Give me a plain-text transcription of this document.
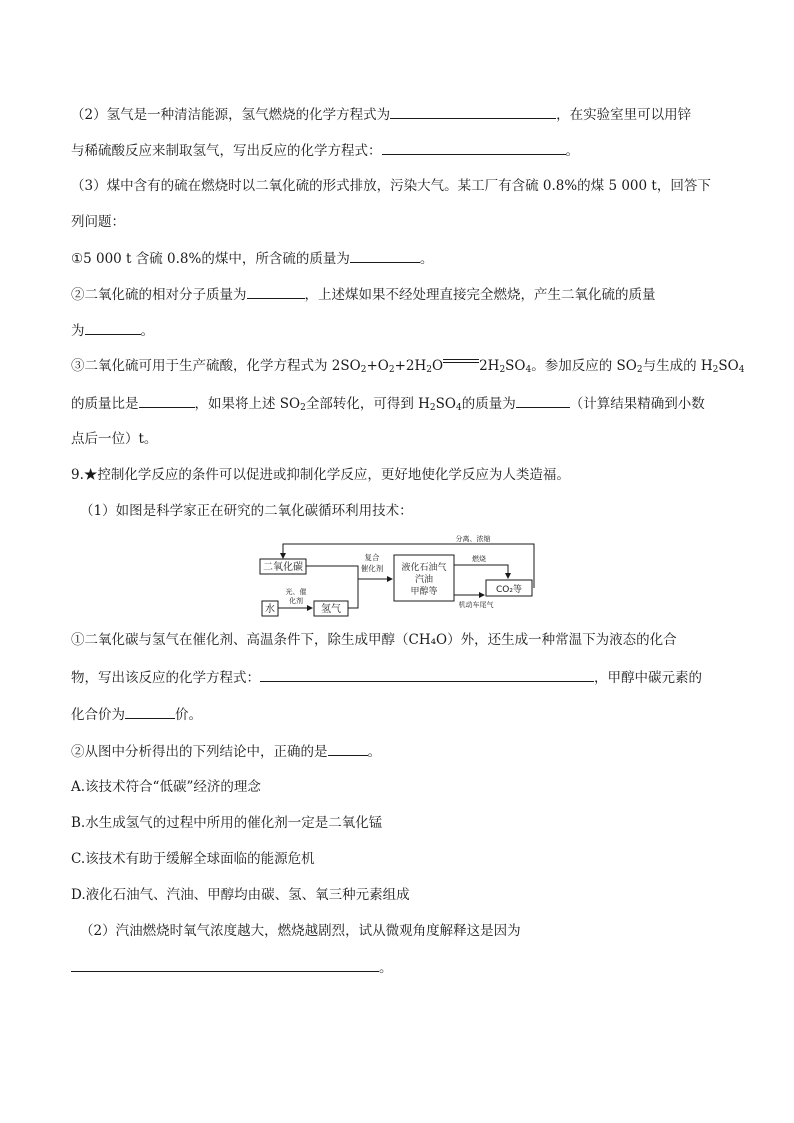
（2）氢气是一种清洁能源，氢气燃烧的化学方程式为	，在实验室里可以用锌
与稀硫酸反应来制取氢气，写出反应的化学方程式：	。
（3）煤中含有的硫在燃烧时以二氧化硫的形式排放，污染大气。某工厂有含硫 0.8%的煤 5 000 t，回答下
列问题：
①5 000 t 含硫 0.8%的煤中，所含硫的质量为	。
②二氧化硫的相对分子质量为	，上述煤如果不经处理直接完全燃烧，产生二氧化硫的质量
为	。
③二氧化硫可用于生产硫酸，化学方程式为 $2SO_2+O_2+2H_2O$	$2H_2SO_4$。参加反应的 $SO_2$与生成的 $H_2SO_4$
的质量比是	，如果将上述 $SO_2$全部转化，可得到 $H_2SO_4$的质量为	（计算结果精确到小数
点后一位）t。
9.★控制化学反应的条件可以促进或抑制化学反应，更好地使化学反应为人类造福。
（1）如图是科学家正在研究的二氧化碳循环利用技术：
二氧化碳
水	氢气
液化石油气
汽油
甲醇等	CO₂等
分离、浓缩
复合
催化剂
光、催
化剂
燃烧
机动车尾气
①二氧化碳与氢气在催化剂、高温条件下，除生成甲醇（CH₄O）外，还生成一种常温下为液态的化合
物，写出该反应的化学方程式：	，甲醇中碳元素的
化合价为	价。
②从图中分析得出的下列结论中，正确的是	。
A.该技术符合“低碳”经济的理念
B.水生成氢气的过程中所用的催化剂一定是二氧化锰
C.该技术有助于缓解全球面临的能源危机
D.液化石油气、汽油、甲醇均由碳、氢、氧三种元素组成
（2）汽油燃烧时氧气浓度越大，燃烧越剧烈，试从微观角度解释这是因为
。
